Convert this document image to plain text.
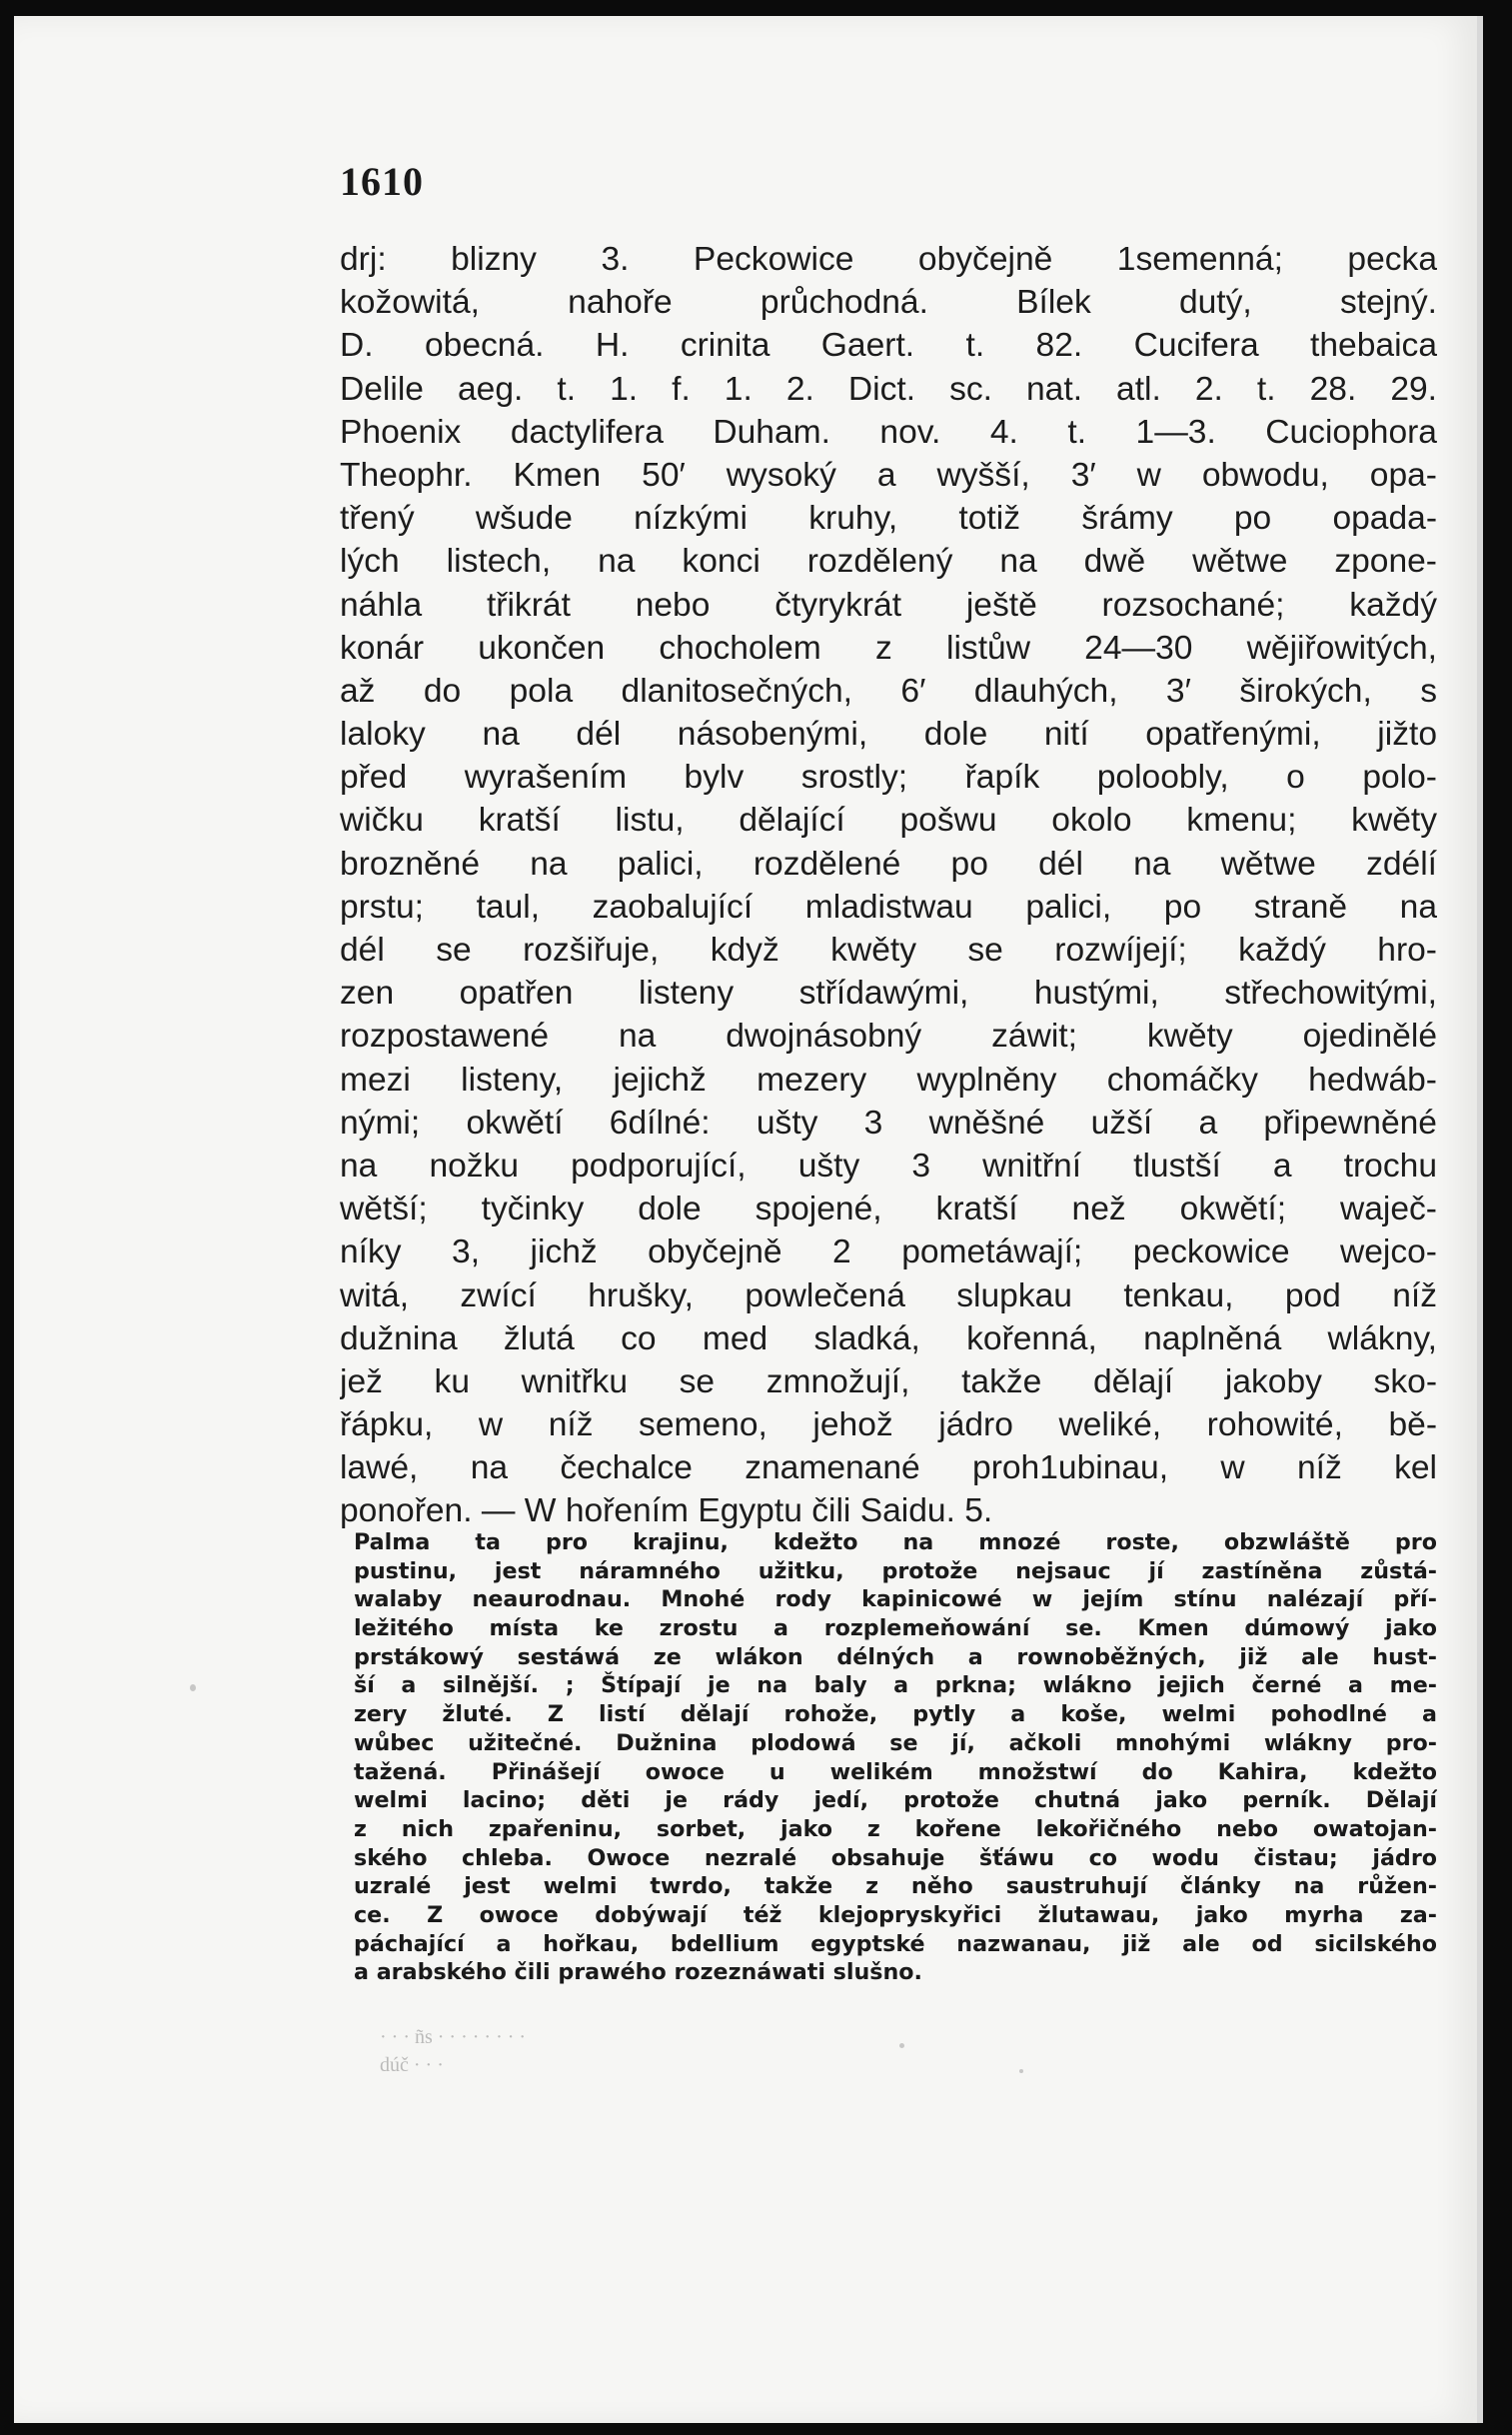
1610
drj: blizny 3. Peckowice obyčejně 1semenná; pecka
kožowitá, nahoře průchodná. Bílek dutý, stejný.
D. obecná. H. crinita Gaert. t. 82. Cucifera thebaica
Delile aeg. t. 1. f. 1. 2. Dict. sc. nat. atl. 2. t. 28. 29.
Phoenix dactylifera Duham. nov. 4. t. 1—3. Cuciophora
Theophr. Kmen 50′ wysoký a wyšší, 3′ w obwodu, opa-
třený wšude nízkými kruhy, totiž šrámy po opada-
lých listech, na konci rozdělený na dwě wětwe zpone-
náhla třikrát nebo čtyrykrát ještě rozsochané; každý
konár ukončen chocholem z listůw 24—30 wějiřowitých,
až do pola dlanitosečných, 6′ dlauhých, 3′ širokých, s
laloky na dél násobenými, dole nití opatřenými, jižto
před wyrašením bylv srostly; řapík poloobly, o polo-
wičku kratší listu, dělající pošwu okolo kmenu; kwěty
brozněné na palici, rozdělené po dél na wětwe zdélí
prstu; taul, zaobalující mladistwau palici, po straně na
dél se rozšiřuje, když kwěty se rozwíjejí; každý hro-
zen opatřen listeny střídawými, hustými, střechowitými,
rozpostawené na dwojnásobný záwit; kwěty ojedinělé
mezi listeny, jejichž mezery wyplněny chomáčky hedwáb-
nými; okwětí 6dílné: ušty 3 wněšné užší a připewněné
na nožku podporující, ušty 3 wnitřní tlustší a trochu
wětší; tyčinky dole spojené, kratší než okwětí; waječ-
níky 3, jichž obyčejně 2 pometáwají; peckowice wejco-
witá, zwící hrušky, powlečená slupkau tenkau, pod níž
dužnina žlutá co med sladká, kořenná, naplněná wlákny,
jež ku wnitřku se zmnožují, takže dělají jakoby sko-
řápku, w níž semeno, jehož jádro weliké, rohowité, bě-
lawé, na čechalce znamenané proh1ubinau, w níž kel
ponořen. — W hořením Egyptu čili Saidu. 5.
Palma ta pro krajinu, kdežto na mnozé roste, obzwláště pro
pustinu, jest náramného užitku, protože nejsauc jí zastíněna zůstá-
walaby neaurodnau. Mnohé rody kapinicowé w jejím stínu nalézají pří-
ležitého místa ke zrostu a rozplemeňowání se. Kmen dúmowý jako
prstákowý sestáwá ze wlákon délných a rownoběžných, již ale hust-
ší a silnější. ; Štípají je na baly a prkna; wlákno jejich černé a me-
zery žluté. Z listí dělají rohože, pytly a koše, welmi pohodlné a
wůbec užitečné. Dužnina plodowá se jí, ačkoli mnohými wlákny pro-
tažená. Přinášejí owoce u welikém množstwí do Kahira, kdežto
welmi lacino; děti je rády jedí, protože chutná jako perník. Dělají
z nich zpařeninu, sorbet, jako z kořene lekořičného nebo owatojan-
ského chleba. Owoce nezralé obsahuje šťáwu co wodu čistau; jádro
uzralé jest welmi twrdo, takže z něho saustruhují články na růžen-
ce. Z owoce dobýwají též klejopryskyřici žlutawau, jako myrha za-
páchající a hořkau, bdellium egyptské nazwanau, již ale od sicilského
a arabského čili prawého rozeznáwati slušno.
· · · ñs · · · · · · · ·
dúč · · ·
